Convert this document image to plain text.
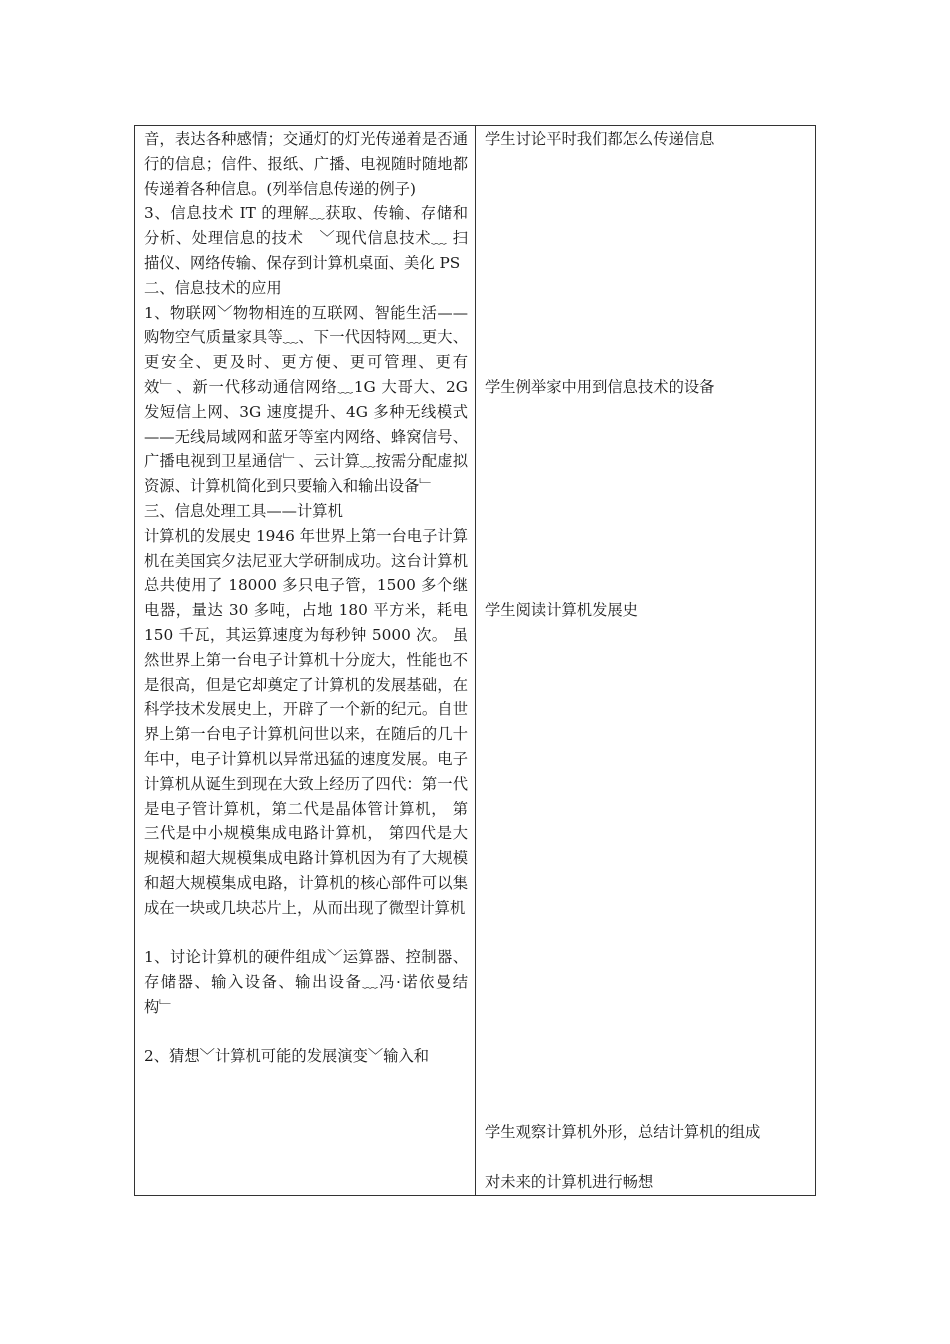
音，表达各种感情；交通灯的灯光传递着是否通行的信息；信件、报纸、广播、电视随时随地都传递着各种信息。(列举信息传递的例子)

3、信息技术 IT 的理解﹏获取、传输、存储和分析、处理信息的技术　﹀现代信息技术﹏ 扫描仪、网络传输、保存到计算机桌面、美化 PS

二、信息技术的应用

1、物联网﹀物物相连的互联网、智能生活——购物空气质量家具等﹏、下一代因特网﹏更大、更安全、更及时、更方便、更可管理、更有效﹂、新一代移动通信网络﹏1G 大哥大、2G 发短信上网、3G 速度提升、4G 多种无线模式——无线局域网和蓝牙等室内网络、蜂窝信号、广播电视到卫星通信﹂、云计算﹏按需分配虚拟资源、计算机简化到只要输入和输出设备﹂

三、信息处理工具——计算机

计算机的发展史 1946 年世界上第一台电子计算机在美国宾夕法尼亚大学研制成功。这台计算机总共使用了 18000 多只电子管，1500 多个继电器，量达 30 多吨，占地 180 平方米，耗电 150 千瓦，其运算速度为每秒钟 5000 次。 虽然世界上第一台电子计算机十分庞大，性能也不是很高，但是它却奠定了计算机的发展基础，在科学技术发展史上，开辟了一个新的纪元。自世界上第一台电子计算机问世以来，在随后的几十年中，电子计算机以异常迅猛的速度发展。电子计算机从诞生到现在大致上经历了四代：第一代是电子管计算机，第二代是晶体管计算机， 第三代是中小规模集成电路计算机， 第四代是大规模和超大规模集成电路计算机因为有了大规模和超大规模集成电路，计算机的核心部件可以集成在一块或几块芯片上，从而出现了微型计算机

1、讨论计算机的硬件组成﹀运算器、控制器、存储器、输入设备、输出设备﹏冯·诺依曼结构﹂

2、猜想﹀计算机可能的发展演变﹀输入和

学生讨论平时我们都怎么传递信息
学生例举家中用到信息技术的设备
学生阅读计算机发展史
学生观察计算机外形，总结计算机的组成
对未来的计算机进行畅想
